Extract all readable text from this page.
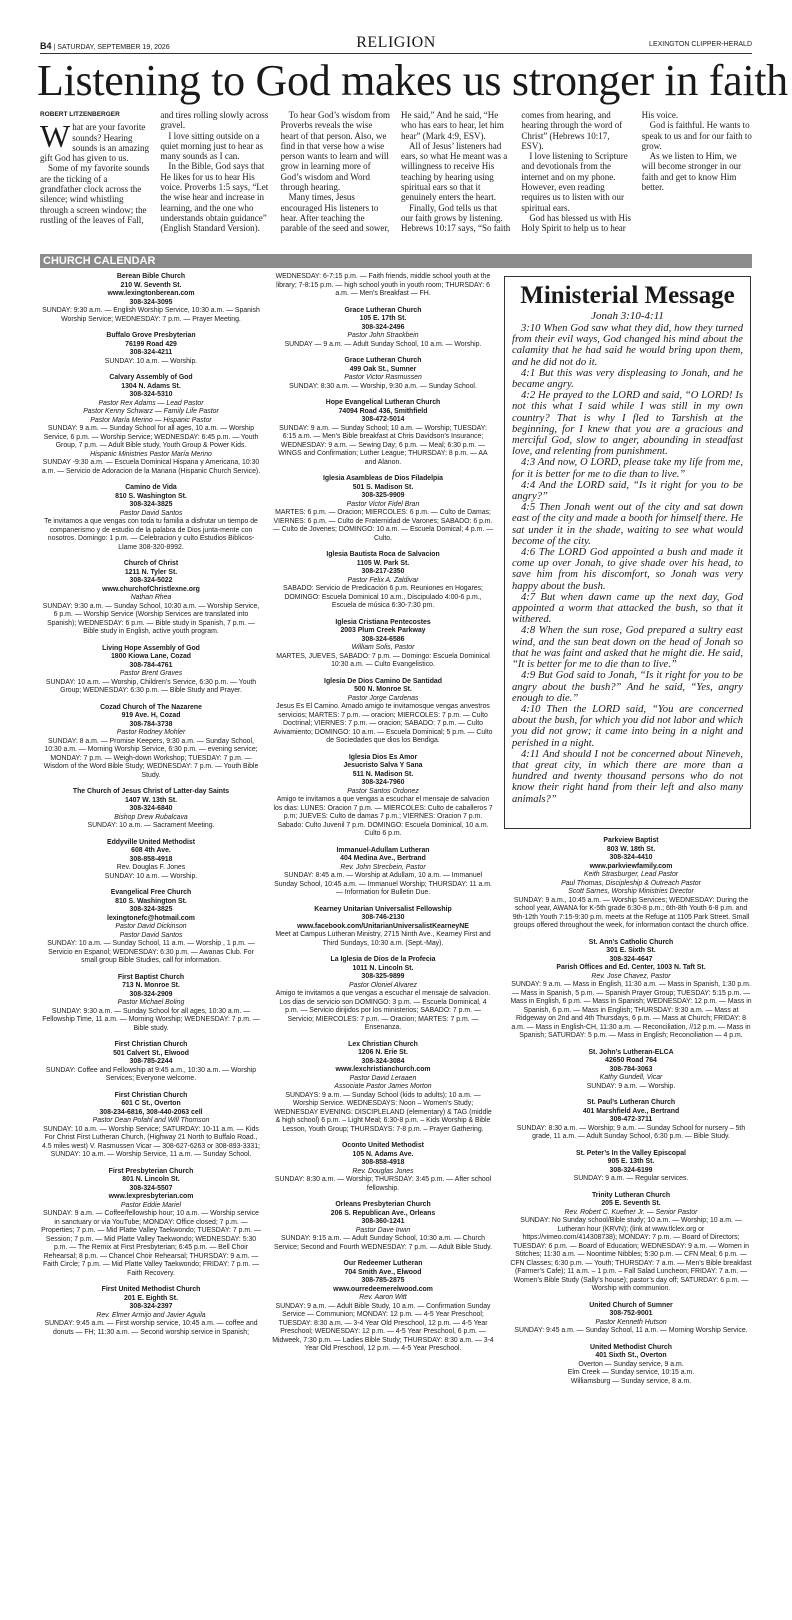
B4 | SATURDAY, SEPTEMBER 19, 2026	RELIGION	LEXINGTON CLIPPER-HERALD
Listening to God makes us stronger in faith
ROBERT LITZENBERGER

What are your favorite sounds? Hearing sounds is an amazing gift God has given to us.

Some of my favorite sounds are the ticking of a grandfather clock across the silence; wind whistling through a screen window; the rustling of the leaves of Fall, and tires rolling slowly across gravel.

I love sitting outside on a quiet morning just to hear as many sounds as I can.

In the Bible, God says that He likes for us to hear His voice. Proverbs 1:5 says, “Let the wise hear and increase in learning, and the one who understands obtain guidance” (English Standard Version).

To hear God’s wisdom from Proverbs reveals the wise heart of that person. Also, we find in that verse how a wise person wants to learn and will grow in learning more of God’s wisdom and Word through hearing.

Many times, Jesus encouraged His listeners to hear. After teaching the parable of the seed and sower, He said,” And he said, “He who has ears to hear, let him hear” (Mark 4:9, ESV).

All of Jesus’ listeners had ears, so what He meant was a willingness to receive His teaching by hearing using spiritual ears so that it genuinely enters the heart.

Finally, God tells us that our faith grows by listening. Hebrews 10:17 says, “So faith comes from hearing, and hearing through the word of Christ” (Hebrews 10:17, ESV).

I love listening to Scripture and devotionals from the internet and on my phone. However, even reading requires us to listen with our spiritual ears.

God has blessed us with His Holy Spirit to help us to hear His voice.

God is faithful. He wants to speak to us and for our faith to grow.

As we listen to Him, we will become stronger in our faith and get to know Him better.

CHURCH CALENDAR
Berean Bible Church
210 W. Seventh St.
www.lexingtonberean.com
308-324-3095
SUNDAY: 9:30 a.m. — English Worship Service, 10:30 a.m. — Spanish Worship Service; WEDNESDAY: 7 p.m. — Prayer Meeting.
Buffalo Grove Presbyterian
76199 Road 429
308-324-4211
SUNDAY: 10 a.m. — Worship.
Calvary Assembly of God
1304 N. Adams St.
308-324-5310
Pastor Rex Adams — Lead Pastor
Pastor Kenny Schwarz — Family Life Pastor
Pastor María Merino — Hispanic Pastor
SUNDAY: 9 a.m. — Sunday School for all ages, 10 a.m. — Worship Service, 6 p.m. — Worship Service; WEDNESDAY: 6:45 p.m. — Youth Group, 7 p.m. — Adult Bible study, Youth Group & Power Kids.
Hispanic Ministries Pastor María Merino
SUNDAY -9:30 a.m. — Escuela Dominical Hispana y Americana, 10:30 a.m. — Servicio de Adoracion de la Manana (Hispanic Church Service).
Camino de Vida
810 S. Washington St.
308-324-3825
Pastor David Santos
Te invitamos a que vengas con toda tu familia a disfrutar un tiempo de companerismo y de estudio de la palabra de Dios junta-mente con nosotros. Domingo: 1 p.m. — Celebracion y culto Estudios Biblicos-Llame 308-320-8992.
Church of Christ
1211 N. Tyler St.
308-324-5022
www.churchofChristlexne.org
Nathan Rhea
SUNDAY: 9:30 a.m. — Sunday School, 10:30 a.m. — Worship Service, 6 p.m. — Worship Service (Worship Services are translated into Spanish); WEDNESDAY: 6 p.m. — Bible study in Spanish, 7 p.m. — Bible study in English, active youth program.
Living Hope Assembly of God
1800 Kiowa Lane, Cozad
308-784-4761
Pastor Brent Graves
SUNDAY: 10 a.m. — Worship, Children’s Service, 6:30 p.m. — Youth Group; WEDNESDAY: 6:30 p.m. — Bible Study and Prayer.
Cozad Church of The Nazarene
919 Ave. H, Cozad
308-784-3738
Pastor Rodney Mohler
SUNDAY: 8 a.m. — Promise Keepers, 9:30 a.m. — Sunday School, 10:30 a.m. — Morning Worship Service, 6:30 p.m. — evening service; MONDAY: 7 p.m. — Weigh-down Workshop; TUESDAY: 7 p.m. — Wisdom of the Word Bible Study; WEDNESDAY: 7 p.m. — Youth Bible Study.
The Church of Jesus Christ of Latter-day Saints
1407 W. 13th St.
308-324-6840
Bishop Drew Rubalcava
SUNDAY: 10 a.m. — Sacrament Meeting.
Eddyville United Methodist
608 4th Ave.
308-858-4918
Rev. Douglas F. Jones
SUNDAY: 10 a.m. — Worship.
Evangelical Free Church
810 S. Washington St.
308-324-3825
lexingtonefc@hotmail.com
Pastor David Dickinson
Pastor David Santos
SUNDAY: 10 a.m. — Sunday School, 11 a.m. — Worship , 1 p.m. — Servicio en Espanol; WEDNESDAY: 6:30 p.m. — Awanas Club. For small group Bible Studies, call for information.
First Baptist Church
713 N. Monroe St.
308-324-2909
Pastor Michael Boling
SUNDAY: 9:30 a.m. — Sunday School for all ages, 10:30 a.m. — Fellowship Time, 11 a.m. — Morning Worship; WEDNESDAY: 7 p.m. — Bible study.
First Christian Church
501 Calvert St., Elwood
308-785-2244
SUNDAY: Coffee and Fellowship at 9:45 a.m., 10:30 a.m. — Worship Services; Everyone welcome.
First Christian Church
601 C St., Overton
308-234-6816, 308-440-2063 cell
Pastor Dean Pofahl and Will Thomson
SUNDAY: 10 a.m. — Worship Service; SATURDAY: 10-11 a.m. — Kids For Christ First Lutheran Church, (Highway 21 North to Buffalo Road., 4.5 miles west) V. Rasmussen Vicar — 308-627-6263 or 308-893-3331; SUNDAY: 10 a.m. — Worship Service, 11 a.m. — Sunday School.
First Presbyterian Church
801 N. Lincoln St.
308-324-5507
www.lexpresbyterian.com
Pastor Eddie Mariel
SUNDAY: 9 a.m. — Coffee/fellowship hour; 10 a.m. — Worship service in sanctuary or via YouTube; MONDAY: Office closed; 7 p.m. — Properties; 7 p.m. — Mid Platte Valley Taekwondo; TUESDAY: 7 p.m. — Session; 7 p.m. — Mid Platte Valley Taekwondo; WEDNESDAY: 5:30 p.m. — The Remix at First Presbyterian; 6:45 p.m. — Bell Choir Rehearsal; 8 p.m. — Chancel Choir Rehearsal; THURSDAY: 9 a.m. — Faith Circle; 7 p.m. — Mid Platte Valley Taekwondo; FRIDAY: 7 p.m. — Faith Recovery.
First United Methodist Church
201 E. Eighth St.
308-324-2397
Rev. Elmer Armijo and Javier Aguila
SUNDAY: 9:45 a.m. — First worship service, 10:45 a.m. — coffee and donuts — FH; 11:30 a.m. — Second worship service in Spanish;
WEDNESDAY: 6-7:15 p.m. — Faith friends, middle school youth at the library; 7-8:15 p.m. — high school youth in youth room; THURSDAY: 6 a.m. — Men’s Breakfast — FH.
Grace Lutheran Church
105 E. 17th St.
308-324-2496
Pastor John Strackbein
SUNDAY — 9 a.m. — Adult Sunday School, 10 a.m. — Worship.
Grace Lutheran Church
499 Oak St., Sumner
Pastor Victor Rasmussen
SUNDAY: 8:30 a.m. — Worship, 9:30 a.m. — Sunday School.
Hope Evangelical Lutheran Church
74094 Road 436, Smithfield
308-472-5014
SUNDAY: 9 a.m. — Sunday School; 10 a.m. — Worship; TUESDAY: 6:15 a.m. — Men’s Bible breakfast at Chris Davidson’s Insurance; WEDNESDAY: 9 a.m. — Sewing Day; 6 p.m. — Meal; 6:30 p.m. — WINGS and Confirmation; Luther League; THURSDAY: 8 p.m. — AA and Alanon.
Iglesia Asambleas de Dios Filadelpia
501 S. Madison St.
308-325-9909
Pastor Victor Fidel Bran
MARTES: 6 p.m. — Oracion; MIERCOLES: 6 p.m. — Culto de Damas; VIERNES: 6 p.m. — Culto de Fraternidad de Varones; SABADO: 6 p.m. — Culto de Jovenes; DOMINGO: 10 a.m. — Escuela Domical; 4 p.m. — Culto.
Iglesia Bautista Roca de Salvacion
1105 W. Park St.
308-217-2350
Pastor Felix A. Zaldivar
SABADO: Servicio de Predicación 6 p.m. Reuniones en Hogares; DOMINGO: Escuela Dominical 10 a.m., Discipulado 4:00-6 p.m., Escuela de música 6:30-7:30 pm.
Iglesia Cristiana Pentecostes
2003 Plum Creek Parkway
308-324-6586
William Solis, Pastor
MARTES, JUEVES, SABADO: 7 p.m. — Domingo: Escuela Dominical 10:30 a.m. — Culto Evangelistico.
Iglesia De Dios Camino De Santidad
500 N. Monroe St.
Pastor Jorge Cardenas
Jesus Es El Camino. Amado amigo te invitamosque vengas anvestros servicios; MARTES: 7 p.m. — oracion; MIERCOLES: 7 p.m. — Culto Doctrinal; VIERNES: 7 p.m. — oracion; SABADO: 7 p.m. — Culto Avivamiento; DOMINGO: 10 a.m. — Escuela Dominical; 5 p.m. — Culto de Sociedades que dios los Bendiga.
Iglesia Dios Es Amor
Jesucristo Salva Y Sana
511 N. Madison St.
308-324-7960
Pastor Santos Ordonez
Amigo te invitamos a que vengas a escuchar el mensaje de salvacion los dias: LUNES: Oracion 7 p.m. — MIERCOLES: Culto de caballeros 7 p.m; JUEVES: Culto de damas 7 p.m.; VIERNES: Oracion 7 p.m. Sabado: Culto Juvenil 7 p.m. DOMINGO: Escuela Dominical, 10 a.m. Culto 6 p.m.
Immanuel-Adullam Lutheran
404 Medina Ave., Bertrand
Rev. John Strecbein, Pastor
SUNDAY: 8:45 a.m. — Worship at Adullam, 10 a.m. — Immanuel Sunday School, 10:45 a.m. — Immanuel Worship; THURSDAY: 11 a.m. — Information for Bulletin Due.
Kearney Unitarian Universalist Fellowship
308-746-2130
www.facebook.com/UnitarianUniversalistKearneyNE
Meet at Campus Lutheran Ministry, 2715 Ninth Ave., Kearney First and Third Sundays, 10:30 a.m. (Sept.-May).
La Iglesia de Dios de la Profecia
1011 N. Lincoln St.
308-325-9899
Pastor Oloniel Alvarez
Amigo te invitamos a que vengas a escuchar el mensaje de salvacion. Los dias de servicio son DOMINGO: 3 p.m. — Escuela Dominical, 4 p.m. — Servicio dirijidos por los ministerios; SABADO: 7 p.m. — Servicio; MIERCOLES: 7 p.m. — Oracion; MARTES: 7 p.m. — Ensenanza.
Lex Christian Church
1206 N. Erie St.
308-324-3084
www.lexchristianchurch.com
Pastor David Leraaen
Associate Pastor James Morton
SUNDAYS: 9 a.m. — Sunday School (kids to adults); 10 a.m. — Worship Service. WEDNESDAYS: Noon – Women’s Study; WEDNESDAY EVENING: DISCIPLELAND (elementary) & TAG (middle & high school) 6 p.m. – Light Meal; 6:30-8 p.m. – Kids Worship & Bible Lesson, Youth Group; THURSDAYS: 7-8 p.m. – Prayer Gathering.
Oconto United Methodist
105 N. Adams Ave.
308-858-4918
Rev. Douglas Jones
SUNDAY: 8:30 a.m. — Worship; THURSDAY: 3:45 p.m. — After school fellowship.
Orleans Presbyterian Church
206 S. Republican Ave., Orleans
308-360-1241
Pastor Dave Irwin
SUNDAY: 9:15 a.m. — Adult Sunday School, 10:30 a.m. — Church Service; Second and Fourth WEDNESDAY: 7 p.m. — Adult Bible Study.
Our Redeemer Lutheran
704 Smith Ave., Elwood
308-785-2875
www.ourredeemerelwood.com
Rev. Aaron Witt
SUNDAY: 9 a.m. — Adult Bible Study, 10 a.m. — Confirmation Sunday Service — Communion; MONDAY: 12 p.m. — 4-5 Year Preschool; TUESDAY: 8:30 a.m. — 3-4 Year Old Preschool, 12 p.m. — 4-5 Year Preschool; WEDNESDAY: 12 p.m. — 4-5 Year Preschool, 6 p.m. — Midweek, 7:30 p.m. — Ladies Bible Study; THURSDAY: 8:30 a.m. — 3-4 Year Old Preschool, 12 p.m. — 4-5 Year Preschool.
Ministerial Message
Jonah 3:10-4:11

3:10 When God saw what they did, how they turned from their evil ways, God changed his mind about the calamity that he had said he would bring upon them, and he did not do it.

4:1 But this was very displeasing to Jonah, and he became angry.

4:2 He prayed to the LORD and said, “O LORD! Is not this what I said while I was still in my own country? That is why I fled to Tarshish at the beginning, for I knew that you are a gracious and merciful God, slow to anger, abounding in steadfast love, and relenting from punishment.

4:3 And now, O LORD, please take my life from me, for it is better for me to die than to live.”

4:4 And the LORD said, “Is it right for you to be angry?”

4:5 Then Jonah went out of the city and sat down east of the city and made a booth for himself there. He sat under it in the shade, waiting to see what would become of the city.

4:6 The LORD God appointed a bush and made it come up over Jonah, to give shade over his head, to save him from his discomfort, so Jonah was very happy about the bush.

4:7 But when dawn came up the next day, God appointed a worm that attacked the bush, so that it withered.

4:8 When the sun rose, God prepared a sultry east wind, and the sun beat down on the head of Jonah so that he was faint and asked that he might die. He said, “It is better for me to die than to live.”

4:9 But God said to Jonah, “Is it right for you to be angry about the bush?” And he said, “Yes, angry enough to die.”

4:10 Then the LORD said, “You are concerned about the bush, for which you did not labor and which you did not grow; it came into being in a night and perished in a night.

4:11 And should I not be concerned about Nineveh, that great city, in which there are more than a hundred and twenty thousand persons who do not know their right hand from their left and also many animals?”

Parkview Baptist
803 W. 18th St.
308-324-4410
www.parkviewfamily.com
Keith Strasburger, Lead Pastor
Paul Thomas, Discipleship & Outreach Pastor
Scott Sarnes, Worship Ministries Director
SUNDAY: 9 a.m., 10:45 a.m. — Worship Services; WEDNESDAY: During the school year, AWANA for K-5th grade 6:30-8 p.m.; 6th-8th Youth 6-8 p.m. and 9th-12th Youth 7:15-9:30 p.m. meets at the Refuge at 1105 Park Street. Small groups offered throughout the week, for information contact the church office.
St. Ann’s Catholic Church
301 E. Sixth St.
308-324-4647
Parish Offices and Ed. Center, 1003 N. Taft St.
Rev. Jose Chavez, Pastor
SUNDAY: 9 a.m. — Mass in English, 11:30 a.m. — Mass in Spanish, 1:30 p.m. — Mass in Spanish, 5 p.m. — Spanish Prayer Group; TUESDAY: 5:15 p.m. — Mass in English, 6 p.m. — Mass in Spanish; WEDNESDAY: 12 p.m. — Mass in Spanish, 6 p.m. — Mass in English; THURSDAY: 9:30 a.m. — Mass at Ridgeway on 2nd and 4th Thursdays, 6 p.m. — Mass at Church; FRIDAY: 8 a.m. — Mass in English-CH, 11:30 a.m. — Reconciliation, //12 p.m. — Mass in Spanish; SATURDAY: 5 p.m. — Mass in English; Reconciliation — 4 p.m.
St. John’s Lutheran-ELCA
42650 Road 764
308-784-3063
Kathy Gundell, Vicar
SUNDAY: 9 a.m. — Worship.
St. Paul’s Lutheran Church
401 Marshfield Ave., Bertrand
308-472-3711
SUNDAY: 8:30 a.m. — Worship; 9 a.m. — Sunday School for nursery – 5th grade, 11 a.m. — Adult Sunday School, 6:30 p.m. — Bible Study.
St. Peter’s In the Valley Episcopal
905 E. 13th St.
308-324-6199
SUNDAY: 9 a.m. — Regular services.
Trinity Lutheran Church
205 E. Seventh St.
Rev. Robert C. Kuefner Jr. — Senior Pastor
SUNDAY: No Sunday school/Bible study; 10 a.m. — Worship; 10 a.m. — Lutheran hour (KRVN); (link at www.tlclex.org or https://vimeo.com/414308738); MONDAY: 7 p.m. — Board of Directors; TUESDAY: 6 p.m. — Board of Education; WEDNESDAY: 9 a.m. — Women in Stitches; 11:30 a.m. — Noontime Nibbles; 5:30 p.m. — CFN Meal; 6 p.m. — CFN Classes; 6:30 p.m. — Youth; THURSDAY: 7 a.m. — Men’s Bible breakfast (Farmer’s Cafe); 11 a.m. – 1 p.m. – Fall Salad Luncheon; FRIDAY: 7 a.m. — Women’s Bible Study (Sally’s house); pastor’s day off; SATURDAY: 6 p.m. — Worship with communion.
United Church of Sumner
308-752-9001
Pastor Kenneth Hutson
SUNDAY: 9:45 a.m. — Sunday School, 11 a.m. — Morning Worship Service.
United Methodist Church
401 Sixth St., Overton
Overton — Sunday service, 9 a.m.
Elm Creek — Sunday service, 10:15 a.m.
Williamsburg — Sunday service, 8 a.m.
